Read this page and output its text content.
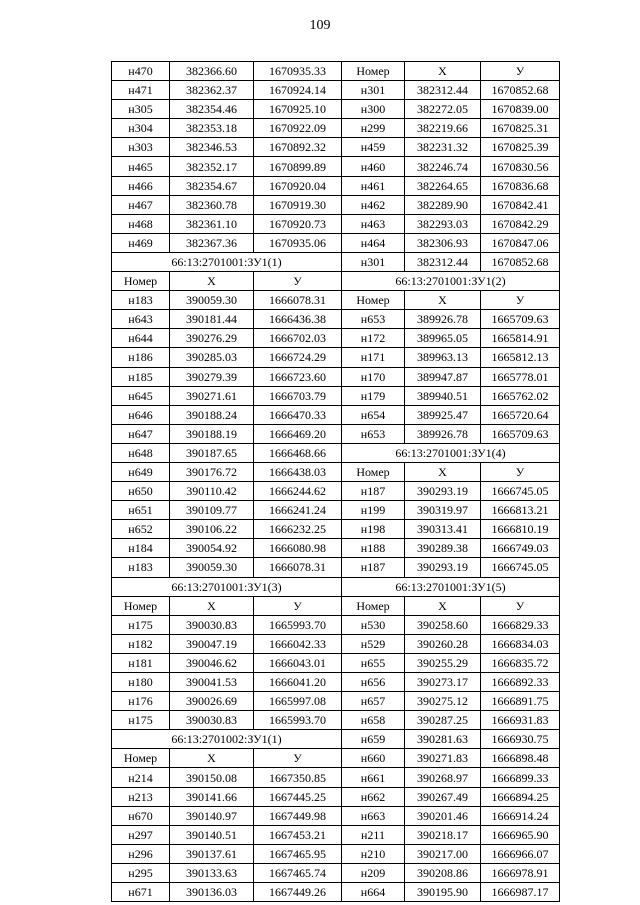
109
н470	382366.60	1670935.33	Номер	Х	У
н471	382362.37	1670924.14	н301	382312.44	1670852.68
н305	382354.46	1670925.10	н300	382272.05	1670839.00
н304	382353.18	1670922.09	н299	382219.66	1670825.31
н303	382346.53	1670892.32	н459	382231.32	1670825.39
н465	382352.17	1670899.89	н460	382246.74	1670830.56
н466	382354.67	1670920.04	н461	382264.65	1670836.68
н467	382360.78	1670919.30	н462	382289.90	1670842.41
н468	382361.10	1670920.73	н463	382293.03	1670842.29
н469	382367.36	1670935.06	н464	382306.93	1670847.06
66:13:2701001:ЗУ1(1)			н301	382312.44	1670852.68
Номер	Х	У	66:13:2701001:ЗУ1(2)		
н183	390059.30	1666078.31	Номер	Х	У
н643	390181.44	1666436.38	н653	389926.78	1665709.63
н644	390276.29	1666702.03	н172	389965.05	1665814.91
н186	390285.03	1666724.29	н171	389963.13	1665812.13
н185	390279.39	1666723.60	н170	389947.87	1665778.01
н645	390271.61	1666703.79	н179	389940.51	1665762.02
н646	390188.24	1666470.33	н654	389925.47	1665720.64
н647	390188.19	1666469.20	н653	389926.78	1665709.63
н648	390187.65	1666468.66	66:13:2701001:ЗУ1(4)		
н649	390176.72	1666438.03	Номер	Х	У
н650	390110.42	1666244.62	н187	390293.19	1666745.05
н651	390109.77	1666241.24	н199	390319.97	1666813.21
н652	390106.22	1666232.25	н198	390313.41	1666810.19
н184	390054.92	1666080.98	н188	390289.38	1666749.03
н183	390059.30	1666078.31	н187	390293.19	1666745.05
66:13:2701001:ЗУ1(3)			66:13:2701001:ЗУ1(5)		
Номер	Х	У	Номер	Х	У
н175	390030.83	1665993.70	н530	390258.60	1666829.33
н182	390047.19	1666042.33	н529	390260.28	1666834.03
н181	390046.62	1666043.01	н655	390255.29	1666835.72
н180	390041.53	1666041.20	н656	390273.17	1666892.33
н176	390026.69	1665997.08	н657	390275.12	1666891.75
н175	390030.83	1665993.70	н658	390287.25	1666931.83
66:13:2701002:ЗУ1(1)			н659	390281.63	1666930.75
Номер	Х	У	н660	390271.83	1666898.48
н214	390150.08	1667350.85	н661	390268.97	1666899.33
н213	390141.66	1667445.25	н662	390267.49	1666894.25
н670	390140.97	1667449.98	н663	390201.46	1666914.24
н297	390140.51	1667453.21	н211	390218.17	1666965.90
н296	390137.61	1667465.95	н210	390217.00	1666966.07
н295	390133.63	1667465.74	н209	390208.86	1666978.91
н671	390136.03	1667449.26	н664	390195.90	1666987.17
